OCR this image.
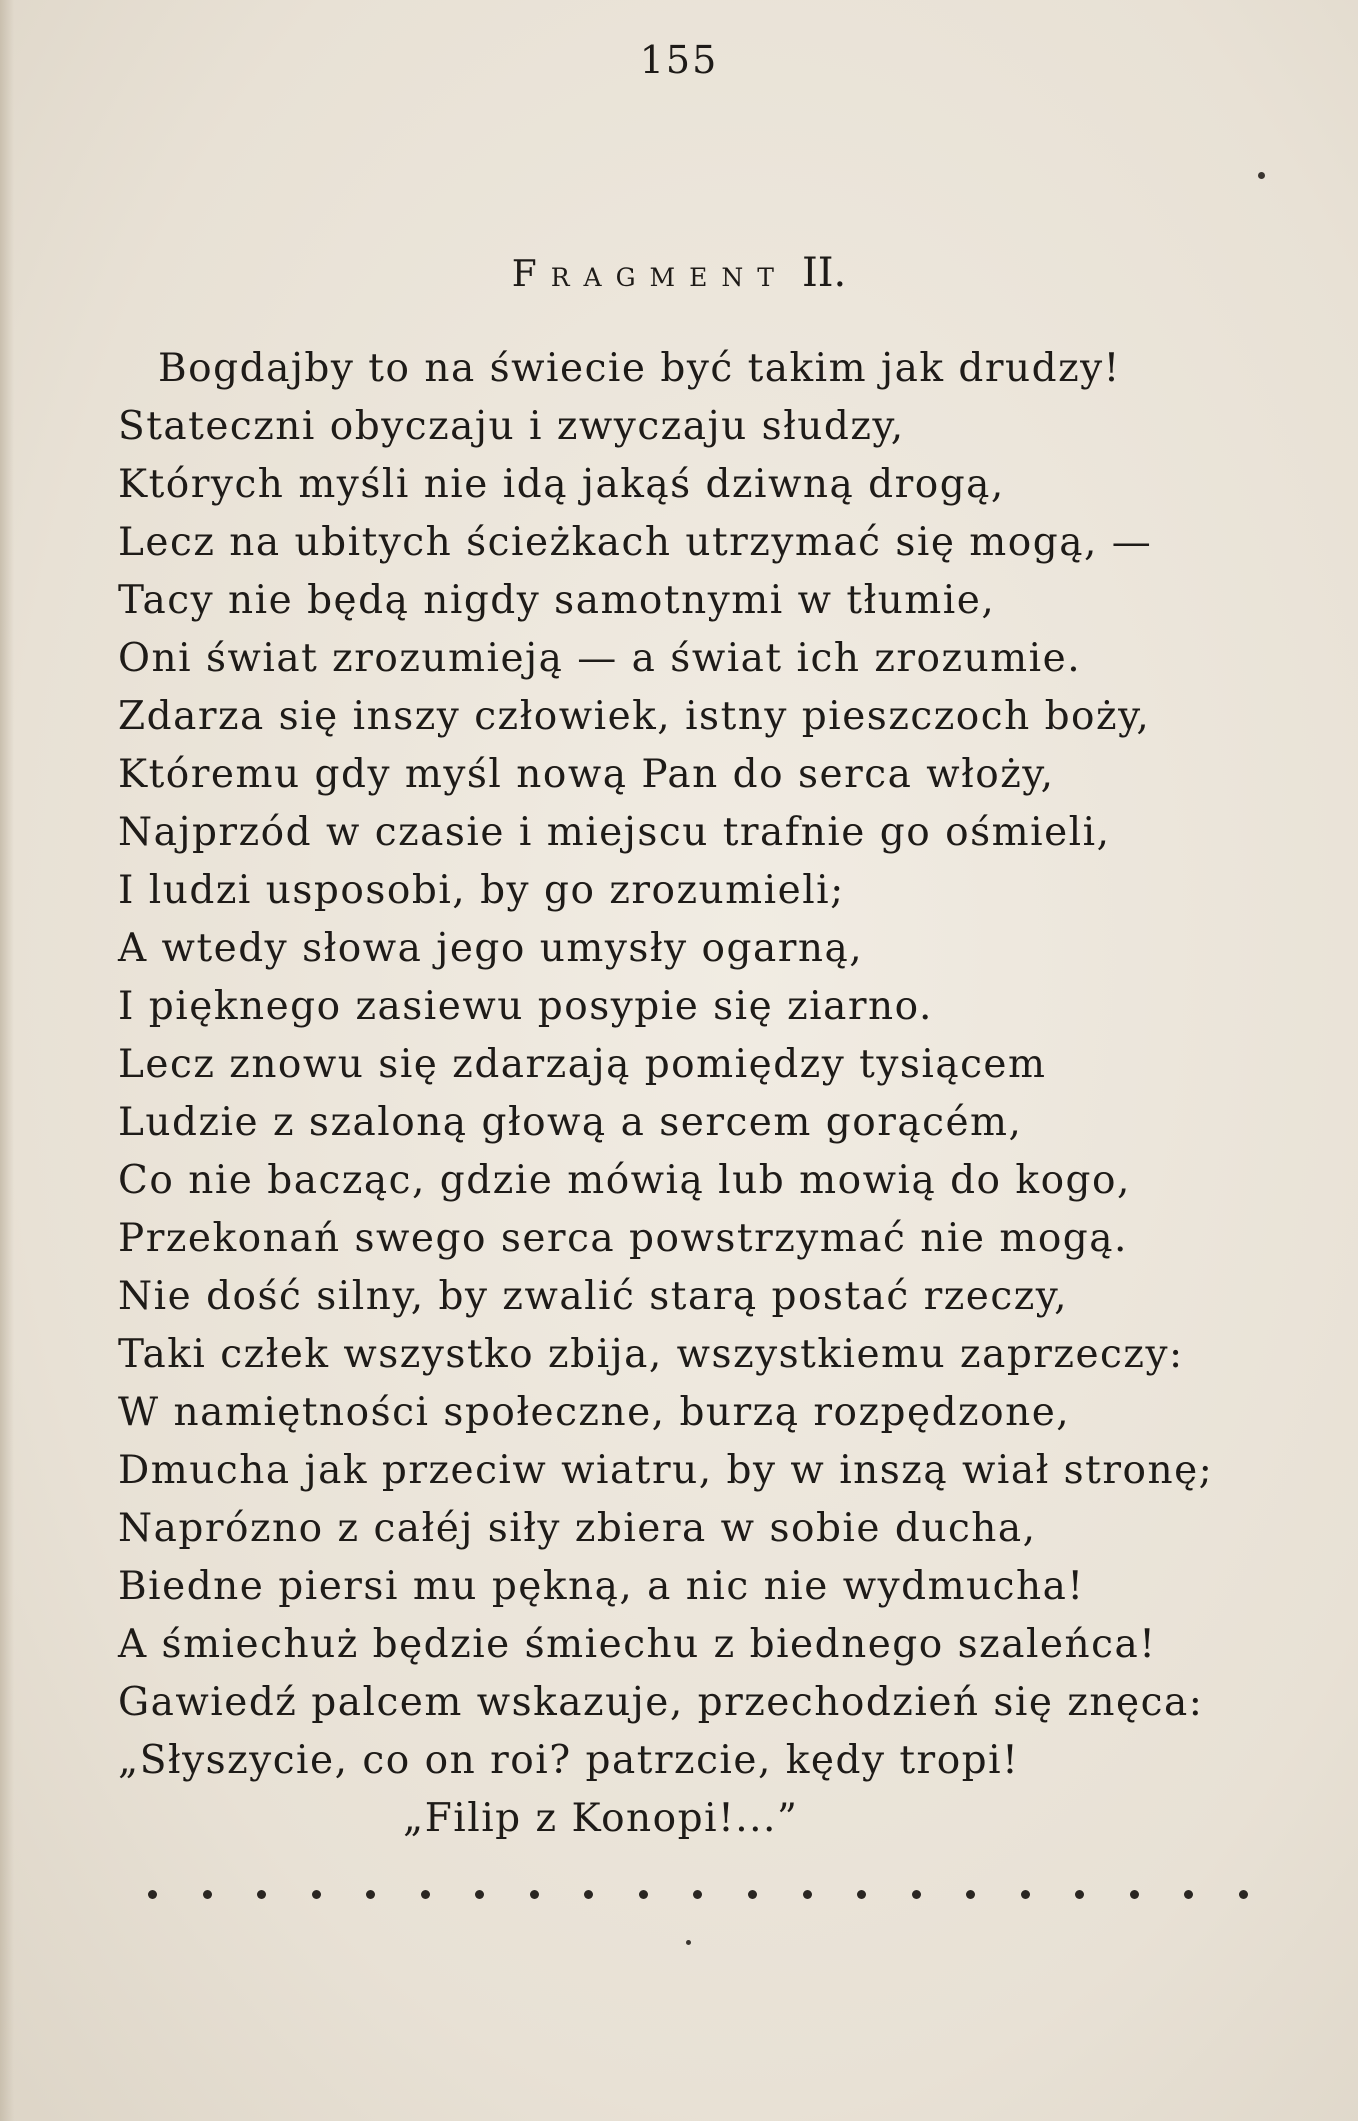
155
Fragment II.
Bogdajby to na świecie być takim jak drudzy!
Stateczni obyczaju i zwyczaju słudzy,
Których myśli nie idą jakąś dziwną drogą,
Lecz na ubitych ścieżkach utrzymać się mogą, —
Tacy nie będą nigdy samotnymi w tłumie,
Oni świat zrozumieją — a świat ich zrozumie.
Zdarza się inszy człowiek, istny pieszczoch boży,
Któremu gdy myśl nową Pan do serca włoży,
Najprzód w czasie i miejscu trafnie go ośmieli,
I ludzi usposobi, by go zrozumieli;
A wtedy słowa jego umysły ogarną,
I pięknego zasiewu posypie się ziarno.
Lecz znowu się zdarzają pomiędzy tysiącem
Ludzie z szaloną głową a sercem gorącém,
Co nie bacząc, gdzie mówią lub mowią do kogo,
Przekonań swego serca powstrzymać nie mogą.
Nie dość silny, by zwalić starą postać rzeczy,
Taki człek wszystko zbija, wszystkiemu zaprzeczy:
W namiętności społeczne, burzą rozpędzone,
Dmucha jak przeciw wiatru, by w inszą wiał stronę;
Naprózno z całéj siły zbiera w sobie ducha,
Biedne piersi mu pękną, a nic nie wydmucha!
A śmiechuż będzie śmiechu z biednego szaleńca!
Gawiedź palcem wskazuje, przechodzień się znęca:
„Słyszycie, co on roi? patrzcie, kędy tropi!
„Filip z Konopi!...”
